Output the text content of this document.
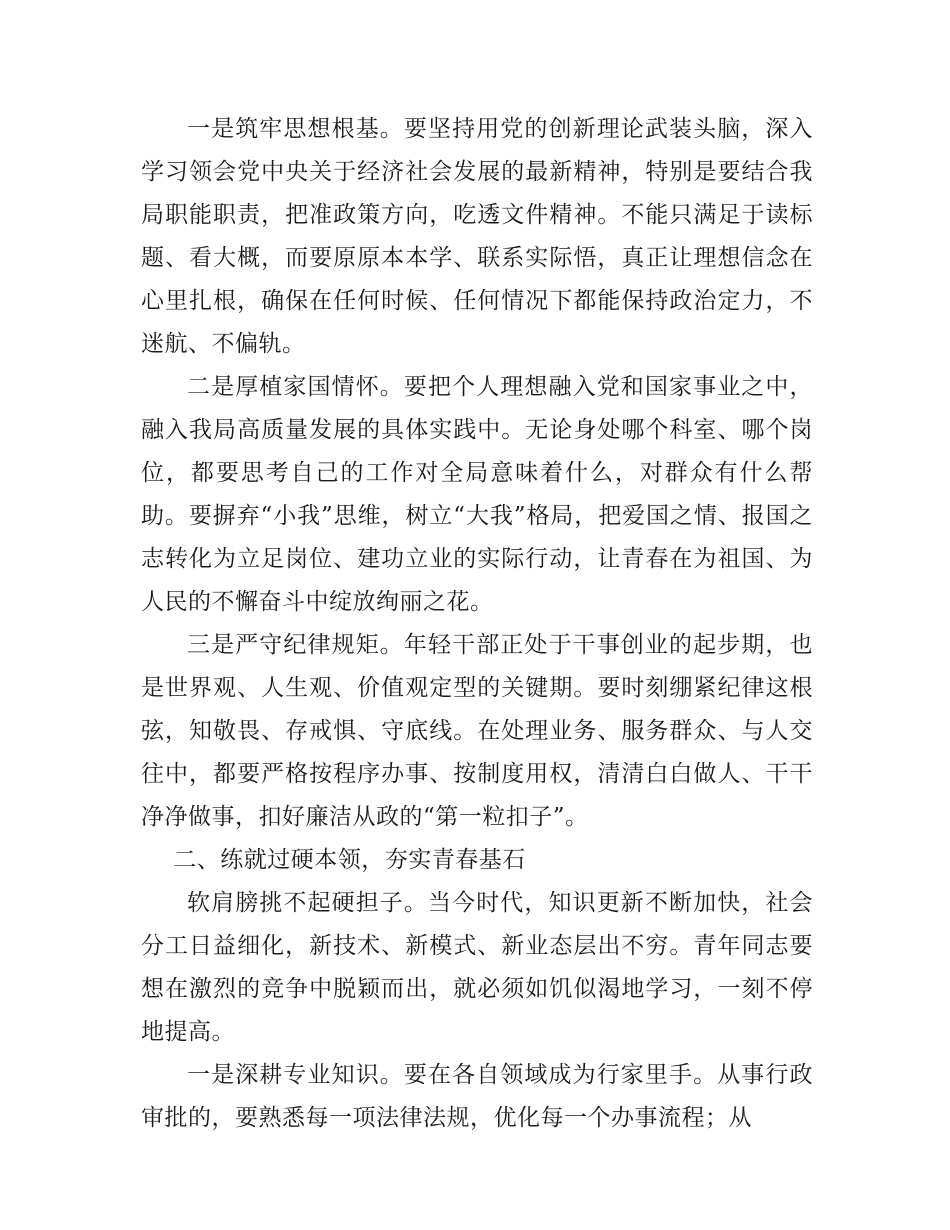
一是筑牢思想根基。要坚持用党的创新理论武装头脑，深入学习领会党中央关于经济社会发展的最新精神，特别是要结合我局职能职责，把准政策方向，吃透文件精神。不能只满足于读标题、看大概，而要原原本本学、联系实际悟，真正让理想信念在心里扎根，确保在任何时候、任何情况下都能保持政治定力，不迷航、不偏轨。

二是厚植家国情怀。要把个人理想融入党和国家事业之中，融入我局高质量发展的具体实践中。无论身处哪个科室、哪个岗位，都要思考自己的工作对全局意味着什么，对群众有什么帮助。要摒弃“小我”思维，树立“大我”格局，把爱国之情、报国之志转化为立足岗位、建功立业的实际行动，让青春在为祖国、为人民的不懈奋斗中绽放绚丽之花。

三是严守纪律规矩。年轻干部正处于干事创业的起步期，也是世界观、人生观、价值观定型的关键期。要时刻绷紧纪律这根弦，知敬畏、存戒惧、守底线。在处理业务、服务群众、与人交往中，都要严格按程序办事、按制度用权，清清白白做人、干干净净做事，扣好廉洁从政的“第一粒扣子”。

二、练就过硬本领，夯实青春基石

软肩膀挑不起硬担子。当今时代，知识更新不断加快，社会分工日益细化，新技术、新模式、新业态层出不穷。青年同志要想在激烈的竞争中脱颖而出，就必须如饥似渴地学习，一刻不停地提高。

一是深耕专业知识。要在各自领域成为行家里手。从事行政审批的，要熟悉每一项法律法规，优化每一个办事流程；从
